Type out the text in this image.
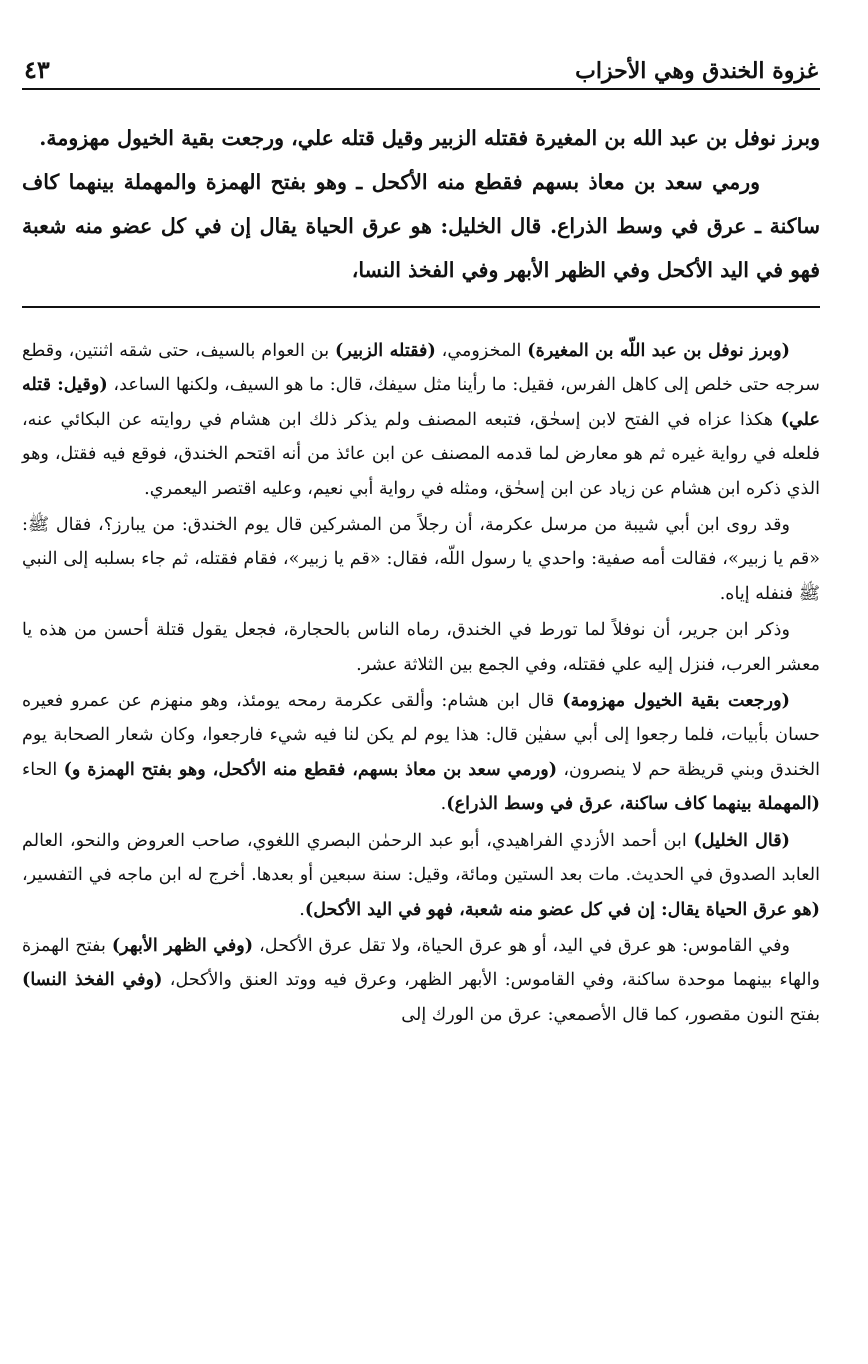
غزوة الخندق وهي الأحزاب
٤٣

وبرز نوفل بن عبد الله بن المغيرة فقتله الزبير وقيل قتله علي، ورجعت بقية الخيول مهزومة.

ورمي سعد بن معاذ بسهم فقطع منه الأكحل ـ وهو بفتح الهمزة والمهملة بينهما كاف ساكنة ـ عرق في وسط الذراع. قال الخليل: هو عرق الحياة يقال إن في كل عضو منه شعبة فهو في اليد الأكحل وفي الظهر الأبهر وفي الفخذ النسا،

(وبرز نوفل بن عبد اللّه بن المغيرة) المخزومي، (فقتله الزبير) بن العوام بالسيف، حتى شقه اثنتين، وقطع سرجه حتى خلص إلى كاهل الفرس، فقيل: ما رأينا مثل سيفك، قال: ما هو السيف، ولكنها الساعد، (وقيل: قتله علي) هكذا عزاه في الفتح لابن إسحٰق، فتبعه المصنف ولم يذكر ذلك ابن هشام في روايته عن البكائي عنه، فلعله في رواية غيره ثم هو معارض لما قدمه المصنف عن ابن عائذ من أنه اقتحم الخندق، فوقع فيه فقتل، وهو الذي ذكره ابن هشام عن زياد عن ابن إسحٰق، ومثله في رواية أبي نعيم، وعليه اقتصر اليعمري.

وقد روى ابن أبي شيبة من مرسل عكرمة، أن رجلاً من المشركين قال يوم الخندق: من يبارز؟، فقال ﷺ: «قم يا زبير»، فقالت أمه صفية: واحدي يا رسول اللّه، فقال: «قم يا زبير»، فقام فقتله، ثم جاء بسلبه إلى النبي ﷺ فنفله إياه.

وذكر ابن جرير، أن نوفلاً لما تورط في الخندق، رماه الناس بالحجارة، فجعل يقول قتلة أحسن من هذه يا معشر العرب، فنزل إليه علي فقتله، وفي الجمع بين الثلاثة عشر.

(ورجعت بقية الخيول مهزومة) قال ابن هشام: وألقى عكرمة رمحه يومئذ، وهو منهزم عن عمرو فعيره حسان بأبيات، فلما رجعوا إلى أبي سفيٰن قال: هذا يوم لم يكن لنا فيه شيء فارجعوا، وكان شعار الصحابة يوم الخندق وبني قريظة حم لا ينصرون، (ورمي سعد بن معاذ بسهم، فقطع منه الأكحل، وهو بفتح الهمزة و) الحاء (المهملة بينهما كاف ساكنة، عرق في وسط الذراع).

(قال الخليل) ابن أحمد الأزدي الفراهيدي، أبو عبد الرحمٰن البصري اللغوي، صاحب العروض والنحو، العالم العابد الصدوق في الحديث. مات بعد الستين ومائة، وقيل: سنة سبعين أو بعدها. أخرج له ابن ماجه في التفسير، (هو عرق الحياة يقال: إن في كل عضو منه شعبة، فهو في اليد الأكحل).

وفي القاموس: هو عرق في اليد، أو هو عرق الحياة، ولا تقل عرق الأكحل، (وفي الظهر الأبهر) بفتح الهمزة والهاء بينهما موحدة ساكنة، وفي القاموس: الأبهر الظهر، وعرق فيه ووتد العنق والأكحل، (وفي الفخذ النسا) بفتح النون مقصور، كما قال الأصمعي: عرق من الورك إلى
